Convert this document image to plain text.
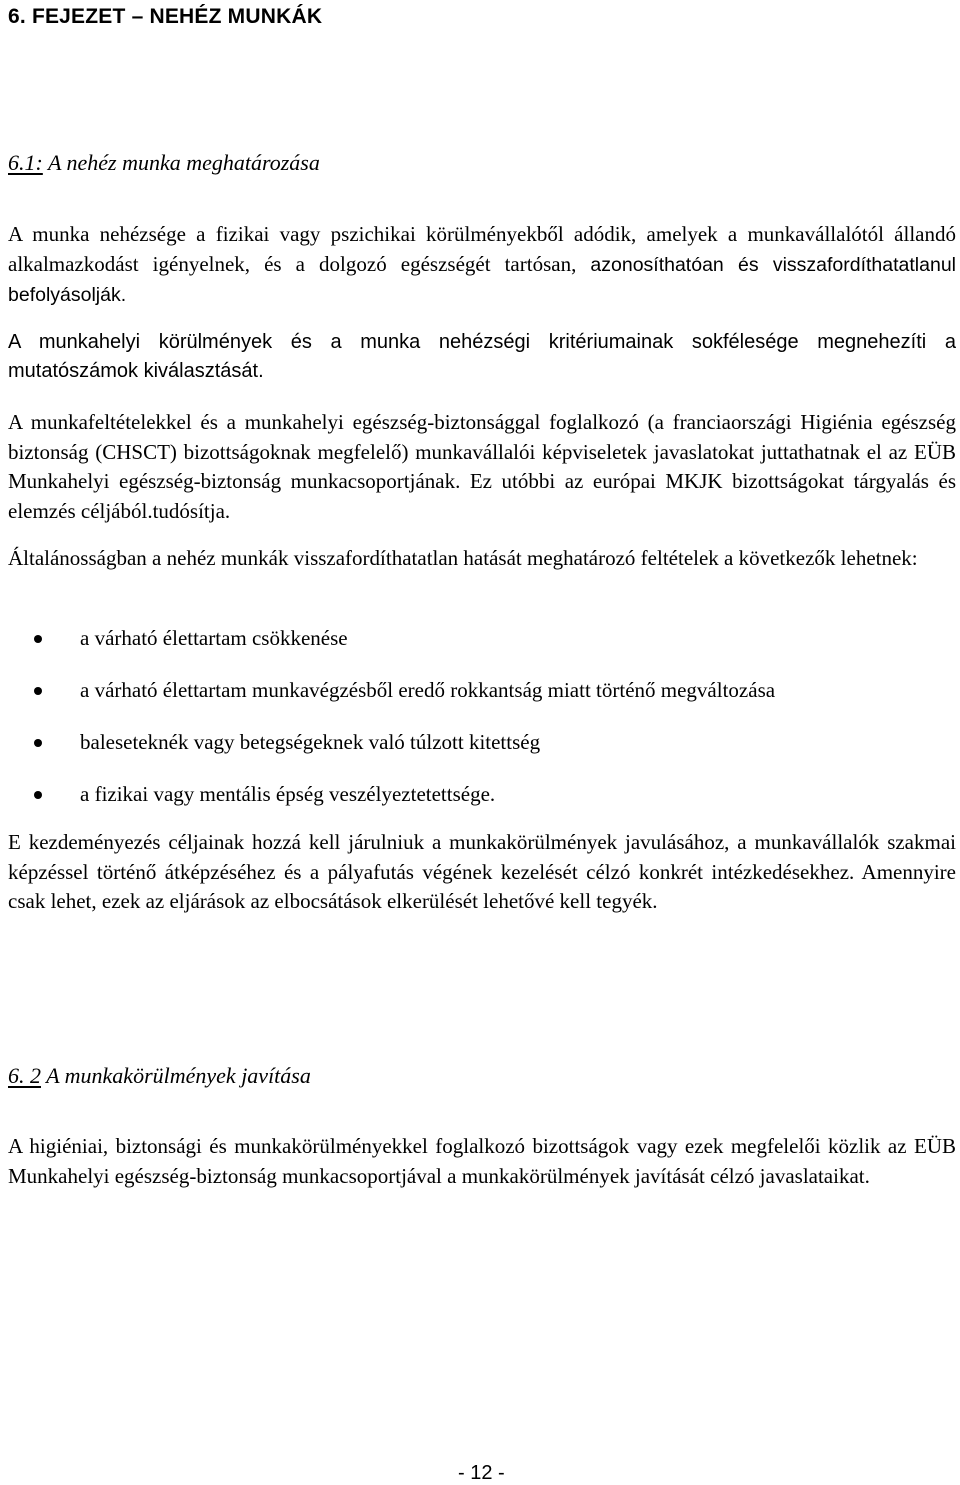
6. FEJEZET – NEHÉZ MUNKÁK
6.1: A nehéz munka meghatározása
A munka nehézsége a fizikai vagy pszichikai körülményekből adódik, amelyek a munkavállalótól állandó alkalmazkodást igényelnek, és a dolgozó egészségét tartósan, azonosíthatóan és visszafordíthatatlanul befolyásolják.
A munkahelyi körülmények és a munka nehézségi kritériumainak sokfélesége megnehezíti a mutatószámok kiválasztását.
A munkafeltételekkel és a munkahelyi egészség-biztonsággal foglalkozó (a franciaországi Higiénia egészség biztonság (CHSCT) bizottságoknak megfelelő) munkavállalói képviseletek javaslatokat juttathatnak el az EÜB Munkahelyi egészség-biztonság munkacsoportjának. Ez utóbbi az európai MKJK bizottságokat tárgyalás és elemzés céljából.tudósítja.
Általánosságban a nehéz munkák visszafordíthatatlan hatását meghatározó feltételek a következők lehetnek:
a várható élettartam csökkenése
a várható élettartam munkavégzésből eredő rokkantság miatt történő megváltozása
baleseteknék vagy betegségeknek való túlzott kitettség
a fizikai vagy mentális épség veszélyeztetettsége.
E kezdeményezés céljainak hozzá kell járulniuk a munkakörülmények javulásához, a munkavállalók szakmai képzéssel történő átképzéséhez és a pályafutás végének kezelését célzó konkrét intézkedésekhez. Amennyire csak lehet, ezek az eljárások az elbocsátások elkerülését lehetővé kell tegyék.
6. 2 A munkakörülmények javítása
A higiéniai, biztonsági és munkakörülményekkel foglalkozó bizottságok vagy ezek megfelelői közlik az EÜB Munkahelyi egészség-biztonság munkacsoportjával a munkakörülmények javítását célzó javaslataikat.
- 12 -
